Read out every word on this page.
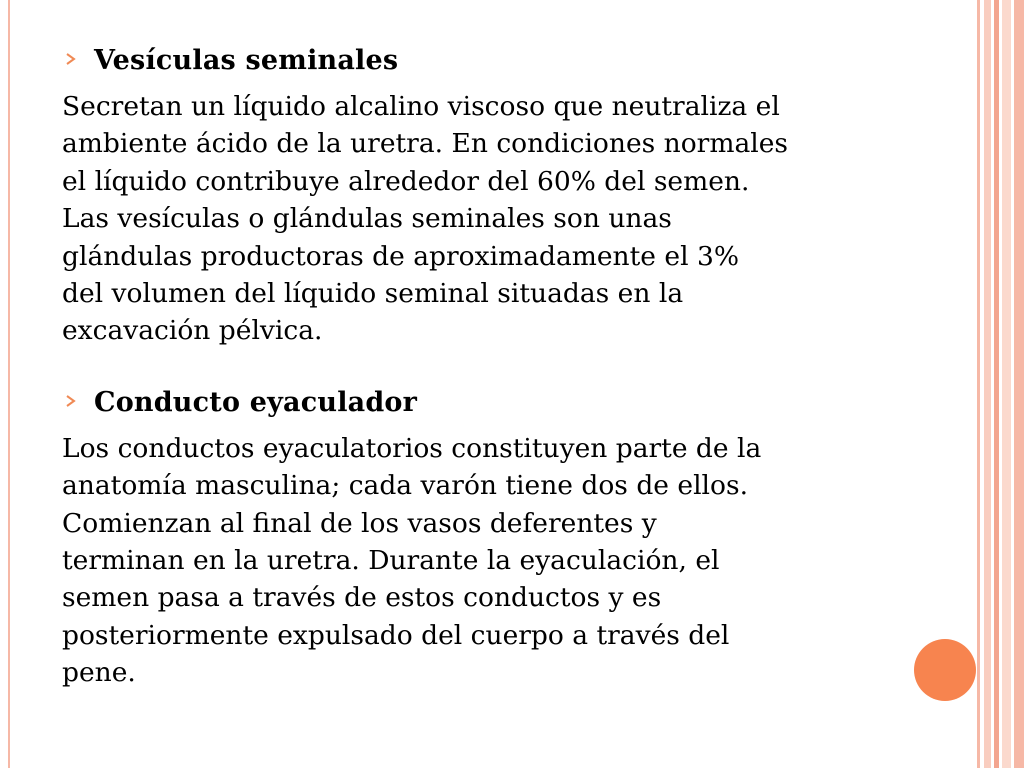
Vesículas seminales

Secretan un líquido alcalino viscoso que neutraliza el
ambiente ácido de la uretra. En condiciones normales
el líquido contribuye alrededor del 60% del semen.
Las vesículas o glándulas seminales son unas
glándulas productoras de aproximadamente el 3%
del volumen del líquido seminal situadas en la
excavación pélvica.

Conducto eyaculador

Los conductos eyaculatorios constituyen parte de la
anatomía masculina; cada varón tiene dos de ellos.
Comienzan al final de los vasos deferentes y
terminan en la uretra. Durante la eyaculación, el
semen pasa a través de estos conductos y es
posteriormente expulsado del cuerpo a través del
pene.
